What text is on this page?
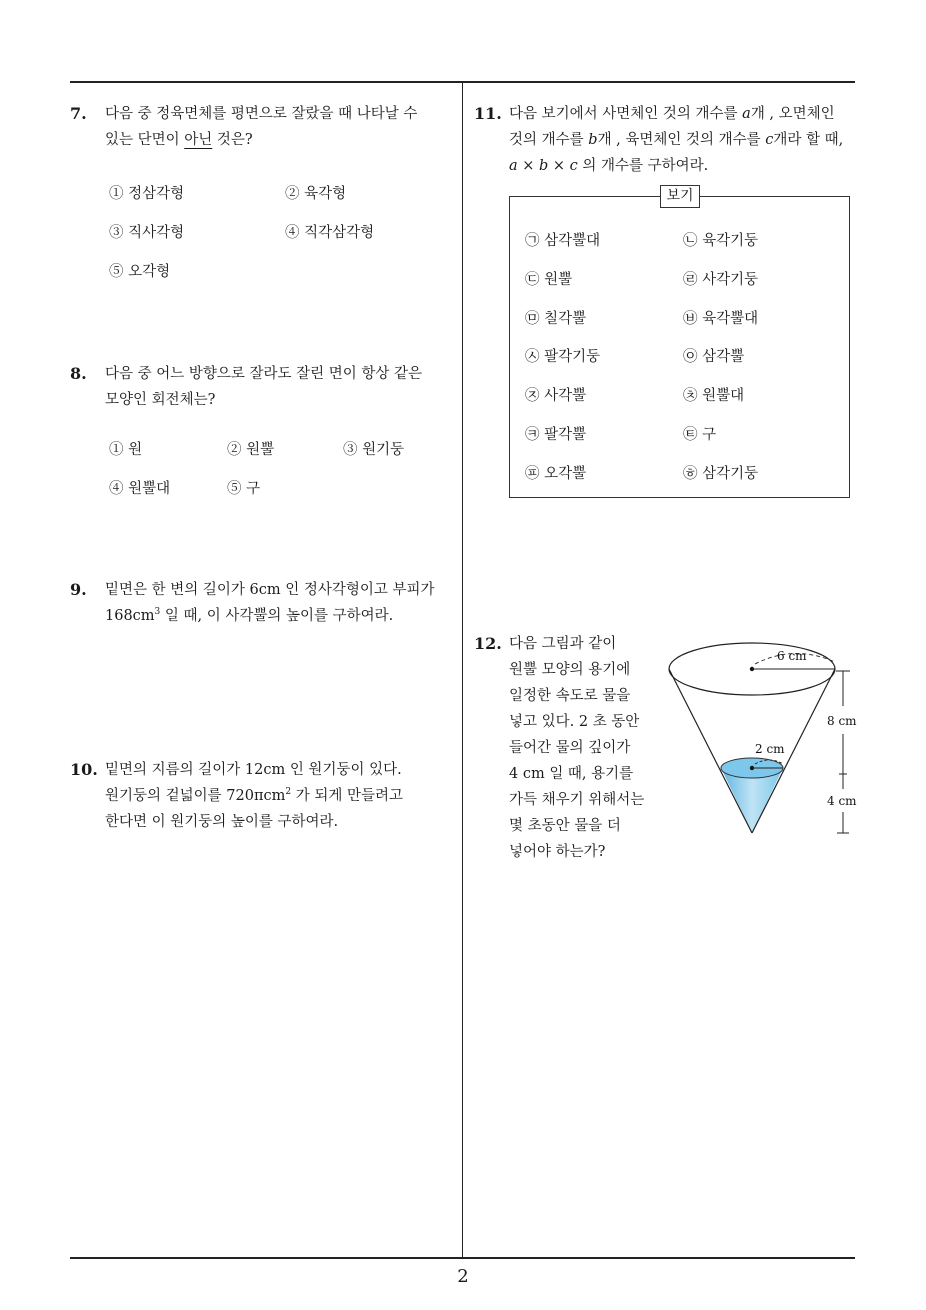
7. 다음 중 정육면체를 평면으로 잘랐을 때 나타날 수
있는 단면이 아닌 것은?
① 정삼각형	② 육각형
③ 직사각형	④ 직각삼각형
⑤ 오각형
8. 다음 중 어느 방향으로 잘라도 잘린 면이 항상 같은
모양인 회전체는?
① 원	② 원뿔	③ 원기둥
④ 원뿔대	⑤ 구
9. 밑면은 한 변의 길이가 6cm 인 정사각형이고 부피가
$168cm^3$ 일 때, 이 사각뿔의 높이를 구하여라.
10. 밑면의 지름의 길이가 12cm 인 원기둥이 있다.
원기둥의 겉넓이를 720πcm$^2$ 가 되게 만들려고
한다면 이 원기둥의 높이를 구하여라.
11. 다음 보기에서 사면체인 것의 개수를 a개 , 오면체인
것의 개수를 b개 , 육면체인 것의 개수를 c개라 할 때,
a × b × c 의 개수를 구하여라.
보기
㉠ 삼각뿔대	㉡ 육각기둥
㉢ 원뿔	㉣ 사각기둥
㉤ 칠각뿔	㉥ 육각뿔대
㉦ 팔각기둥	㉧ 삼각뿔
㉨ 사각뿔	㉩ 원뿔대
㉪ 팔각뿔	㉫ 구
㉬ 오각뿔	㉭ 삼각기둥
12. 다음 그림과 같이
원뿔 모양의 용기에
일정한 속도로 물을
넣고 있다. 2 초 동안
들어간 물의 깊이가
4 cm 일 때, 용기를
가득 채우기 위해서는
몇 초동안 물을 더
넣어야 하는가?
6 cm
2 cm
8 cm
4 cm
2
